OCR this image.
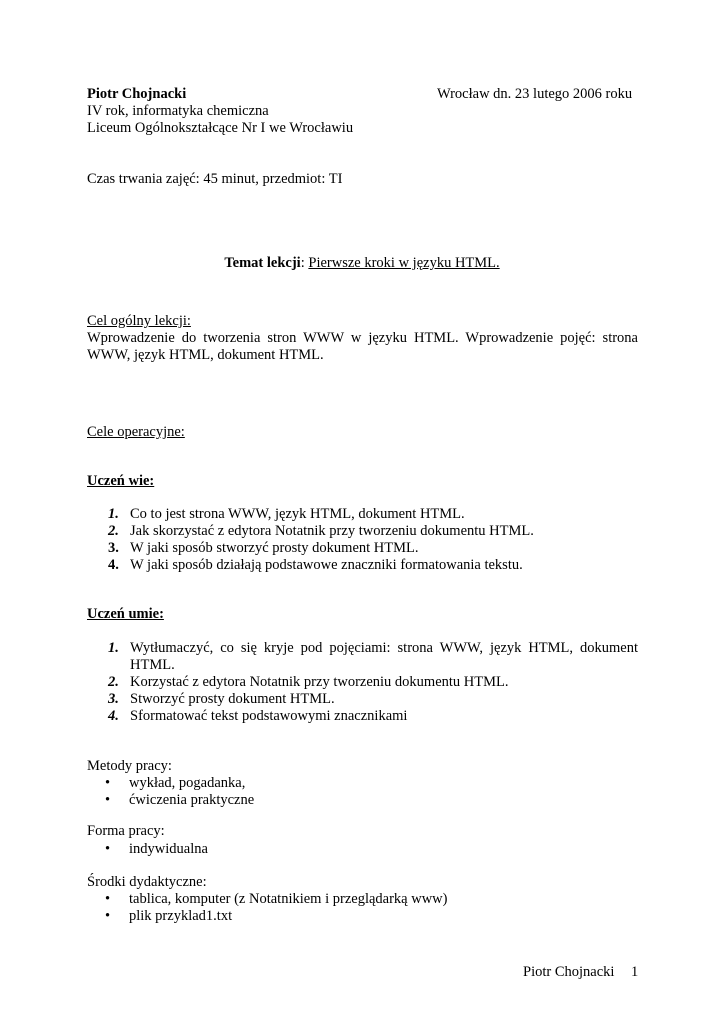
Piotr Chojnacki	Wrocław dn. 23 lutego 2006 roku
IV rok, informatyka chemiczna
Liceum Ogólnokształcące Nr I we Wrocławiu
Czas trwania zajęć: 45 minut, przedmiot: TI
Temat lekcji: Pierwsze kroki w języku HTML.
Cel ogólny lekcji:
Wprowadzenie do tworzenia stron WWW w języku HTML. Wprowadzenie pojęć: strona WWW, język HTML, dokument HTML.
Cele operacyjne:
Uczeń wie:
1. Co to jest strona WWW, język HTML, dokument HTML.
2. Jak skorzystać z edytora Notatnik przy tworzeniu dokumentu HTML.
3. W jaki sposób stworzyć prosty dokument HTML.
4. W jaki sposób działają podstawowe znaczniki formatowania tekstu.
Uczeń umie:
1. Wytłumaczyć, co się kryje pod pojęciami: strona WWW, język HTML, dokument HTML.
2. Korzystać z edytora Notatnik przy tworzeniu dokumentu HTML.
3. Stworzyć prosty dokument HTML.
4. Sformatować tekst podstawowymi znacznikami
Metody pracy:
• wykład, pogadanka,
• ćwiczenia praktyczne
Forma pracy:
• indywidualna
Środki dydaktyczne:
• tablica, komputer (z Notatnikiem i przeglądarką www)
• plik przyklad1.txt
Piotr Chojnacki 1
